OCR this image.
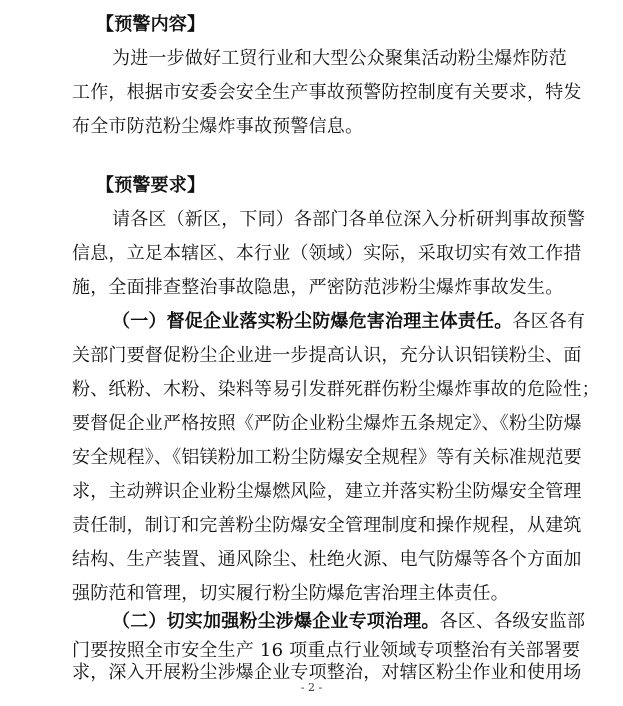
【预警内容】
为进一步做好工贸行业和大型公众聚集活动粉尘爆炸防范
工作，根据市安委会安全生产事故预警防控制度有关要求，特发
布全市防范粉尘爆炸事故预警信息。
【预警要求】
请各区（新区，下同）各部门各单位深入分析研判事故预警
信息，立足本辖区、本行业（领域）实际，采取切实有效工作措
施，全面排查整治事故隐患，严密防范涉粉尘爆炸事故发生。
（一）督促企业落实粉尘防爆危害治理主体责任。各区各有
关部门要督促粉尘企业进一步提高认识，充分认识铝镁粉尘、面
粉、纸粉、木粉、染料等易引发群死群伤粉尘爆炸事故的危险性；
要督促企业严格按照《严防企业粉尘爆炸五条规定》、《粉尘防爆
安全规程》、《铝镁粉加工粉尘防爆安全规程》等有关标准规范要
求，主动辨识企业粉尘爆燃风险，建立并落实粉尘防爆安全管理
责任制，制订和完善粉尘防爆安全管理制度和操作规程，从建筑
结构、生产装置、通风除尘、杜绝火源、电气防爆等各个方面加
强防范和管理，切实履行粉尘防爆危害治理主体责任。
（二）切实加强粉尘涉爆企业专项治理。各区、各级安监部
门要按照全市安全生产 16 项重点行业领域专项整治有关部署要
- 2 -
求，深入开展粉尘涉爆企业专项整治，对辖区粉尘作业和使用场
